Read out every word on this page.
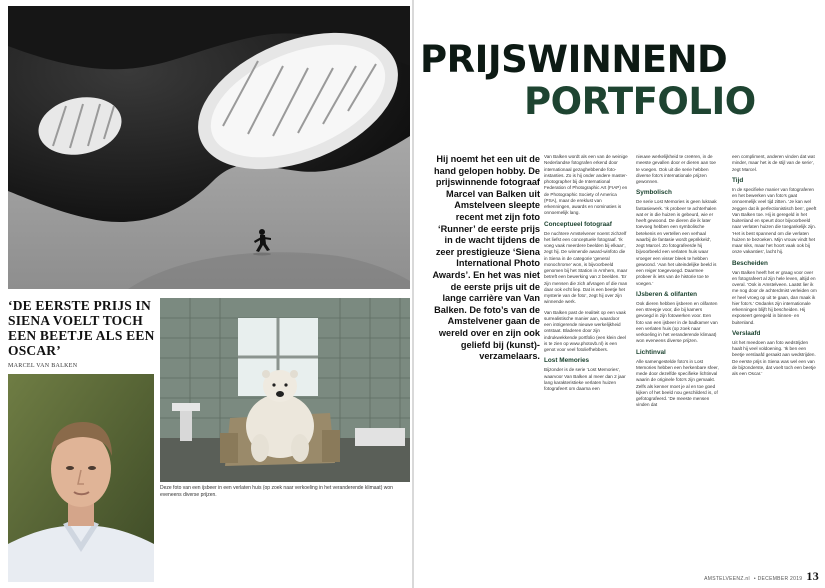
‘DE EERSTE PRIJS IN SIENA VOELT TOCH EEN BEETJE ALS EEN OSCAR’
MARCEL VAN BALKEN
Deze foto van een ijsbeer in een verlaten huis (op zoek naar verkoeling in het veranderende klimaat) won eveneens diverse prijzen.
PRIJSWINNEND
PORTFOLIO
Hij noemt het een uit de hand gelopen hobby. De prijswinnende fotograaf Marcel van Balken uit Amstelveen sleepte recent met zijn foto ‘Runner’ de eerste prijs in de wacht tijdens de zeer prestigieuze ‘Siena International Photo Awards’. En het was niet de eerste prijs uit de lange carrière van Van Balken. De foto’s van de Amstelvener gaan de wereld over en zijn ook geliefd bij (kunst)-verzamelaars.

Van Balken wordt als een van de weinige Nederlandse fotografen erkend door internationaal gezaghebbende foto-instanties. Zo is hij onder andere master-photographer bij de International Federation of Photographic Art (FIAP) en de Photographic Society of America (PSA), maar de ereklust van erkenningen, awards en nominaties is onnoemelijk lang.

Conceptueel fotograaf

De nuchtere Amstelvener noemt zichzelf het liefst een conceptuele fotograaf. ‘Ik voeg vaak meerdere beelden bij elkaar’, zegt hij. De winnende award-winfoto die in Siena in de categorie ‘general monochrome’ won, is bijvoorbeeld genomen bij het Station in Arnhem, maar betreft een bewerking van 2 beelden. ‘Er zijn mensen die zich afvragen of die man daar ook echt liep. Dat is een beetje het mysterie van de foto’, zegt hij over zijn winnende werk.

Van Balken past de realiteit op een vaak surrealistische manier aan, waardoor een intrigerende nieuwe werkelijkheid ontstaat. Bladeren door zijn indrukwekkende portfolio (een klein deel is te zien op www.photovb.nl) is een genot voor veel fotoliefhebbers.

Lost Memories

Bijzonder is de serie ‘Lost Memories’, waarvoor Van Balken al meer dan 2 jaar lang karakteristieke verlaten huizen fotografeert om daarna een

nieuwe werkelijkheid te creëren, in de meeste gevallen door er dieren aan toe te voegen. Ook uit die serie hebben diverse foto’s internationale prijzen gewonnen.

Symbolisch

De serie Lost Memories is geen lukraak fantasiewerk. ‘Ik probeer te achterhalen wat er in die huizen is gebeurd, wie er heeft gewoond. De dieren die ik later toevoeg hebben een symbolische betekenis en vertellen een verhaal waarbij de fantasie wordt geprikkeld’, zegt Marcel. Zo fotografeerde hij bijvoorbeeld een verlaten huis waar vroeger een visser bleek te hebben gewoond. ‘Aan het uiteindelijke beeld is een reiger toegevoegd. Daarmee probeer ik iets van de historie toe te voegen.’

IJsberen & olifanten

Ook dieren hebben ijsberen en olifanten een streepje voor, die bij kamers gevoegd in zijn fotowerken voor. Een foto van een ijsbeer in de badkamer van een verlaten huis (op zoek naar verkoeling in het veranderende klimaat) won eveneens diverse prijzen.

Lichtinval

Alle samengestelde foto’s in Lost Memories hebben een herkenbare sfeer, mede door dezelfde specifieke lichtinval waarin de originele foto’s zijn gemaakt. Zelfs als kenner moet je al en toe goed kijken of het beeld nou geschilderd is, of gefotografeerd. ‘De meeste mensen vinden dat

een compliment, anderen vinden dat wat minder, maar het is de stijl van de serie’, zegt Marcel.

Tijd

In de specifieke manier van fotograferen en het bewerken van foto’s gaat onnoemelijk veel tijd zitten. ‘Je kan wel zeggen dat ik perfectionistisch ben’, geeft Van Balken toe. Hij is geregeld in het buitenland en speurt door bijvoorbeeld naar verlaten huizen die toegankelijk zijn. ‘Het is best spannend om die verlaten huizen te bezoeken. Mijn vrouw vindt het maar niks, maar het hoort vaak ook bij onze vakanties’, lacht hij.

Bescheiden

Van Balken heeft het er graag voor over en fotografeert al zijn hele leven, altijd en overal. ‘Ook in Amstelveen. Laatst lier ik me nog door de achterdmist verleiden om er heel vroeg op uit te gaan, dan maak ik hier foto’s.’ Ondanks zijn internationale erkenningen blijft hij bescheiden. Hij exposeert geregeld in binnen- en buitenland.

Verslaafd

Uit het meedoen aan foto wedstrijden haalt hij veel voldoening. ‘Ik ben een beetje verslaafd geraakt aan wedstrijden. De eerste prijs in Siena was wel een van de bijzonderste, dat voelt toch een beetje als een Oscar.’

AMSTELVEENZ.nl • DECEMBER 2019 13
